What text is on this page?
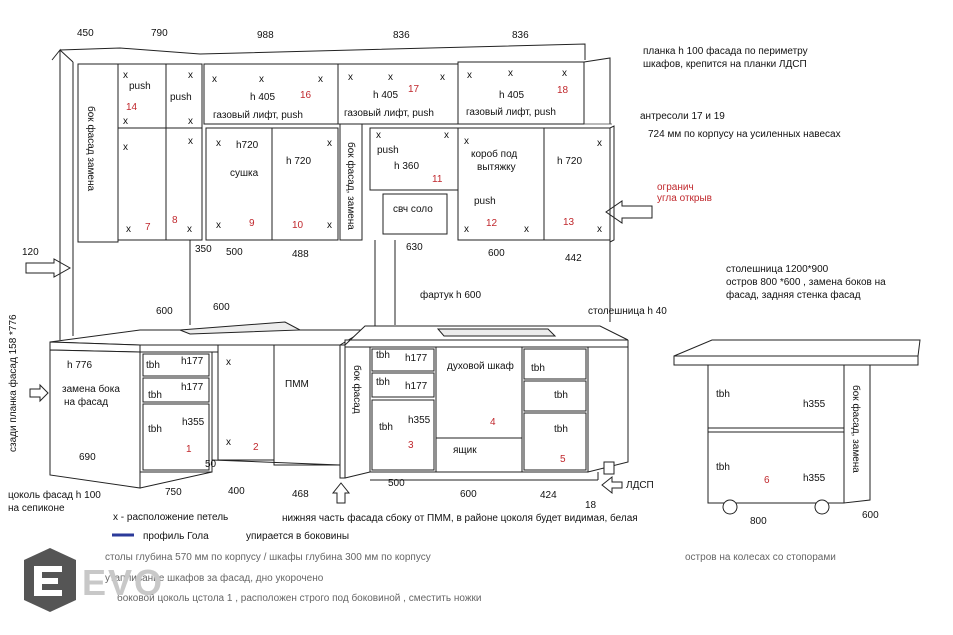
450	790	988	836	836
бок фасад замена
push
14
push	h 405 16
газовый лифт, push
h 405
17
газовый лифт, push
h 405	18
газовый лифт, push
h720
сушка
h 720
7
8	9	10	бок фасад, замена push
h 360
11
свч соло
короб под
вытяжку
push
12
h 720
13
х	х х	х	х	х	х	х х	х	х
х	х
х
х
х	х
х
х
х
х
х	х
х
х	х
х
х
планка h 100 фасада по периметру
шкафов, крепится на планки ЛДСП
антресоли 17 и 19
724 мм по корпусу на усиленных навесах
огранич
угла открыв
350 500	488
630
600	442
120
столешница 1200*900
остров 800 *600 , замена боков на
фасад, задняя стенка фасад
фартук h 600
столешница h 40
600	600
сзади планка фасад 158 *776	h 776
замена бока
на фасад
690
tbh h177
tbh
h177
tbh
h355
1
50
х
х 2
ПММ	бок фасад
tbh h177
tbh h177
tbh
h355
3
духовой шкаф
4
ящик
tbh
tbh
tbh
5
750	400	468
500
600	424
18
ЛДСП
цоколь фасад h 100
на сепиконе
х - расположение петель
профиль Гола	упирается в боковины
нижняя часть фасада сбоку от ПММ, в районе цоколя будет видимая, белая
столы глубина 570 мм по корпусу / шкафы глубина 300 мм по корпусу
утапливание шкафов за фасад, дно укорочено
боковой цоколь цстола 1 , расположен строго под боковиной , сместить ножки
остров на колесах со стопорами
tbh
h355
tbh
h355
6
бок фасад, замена
800
600
EVO
